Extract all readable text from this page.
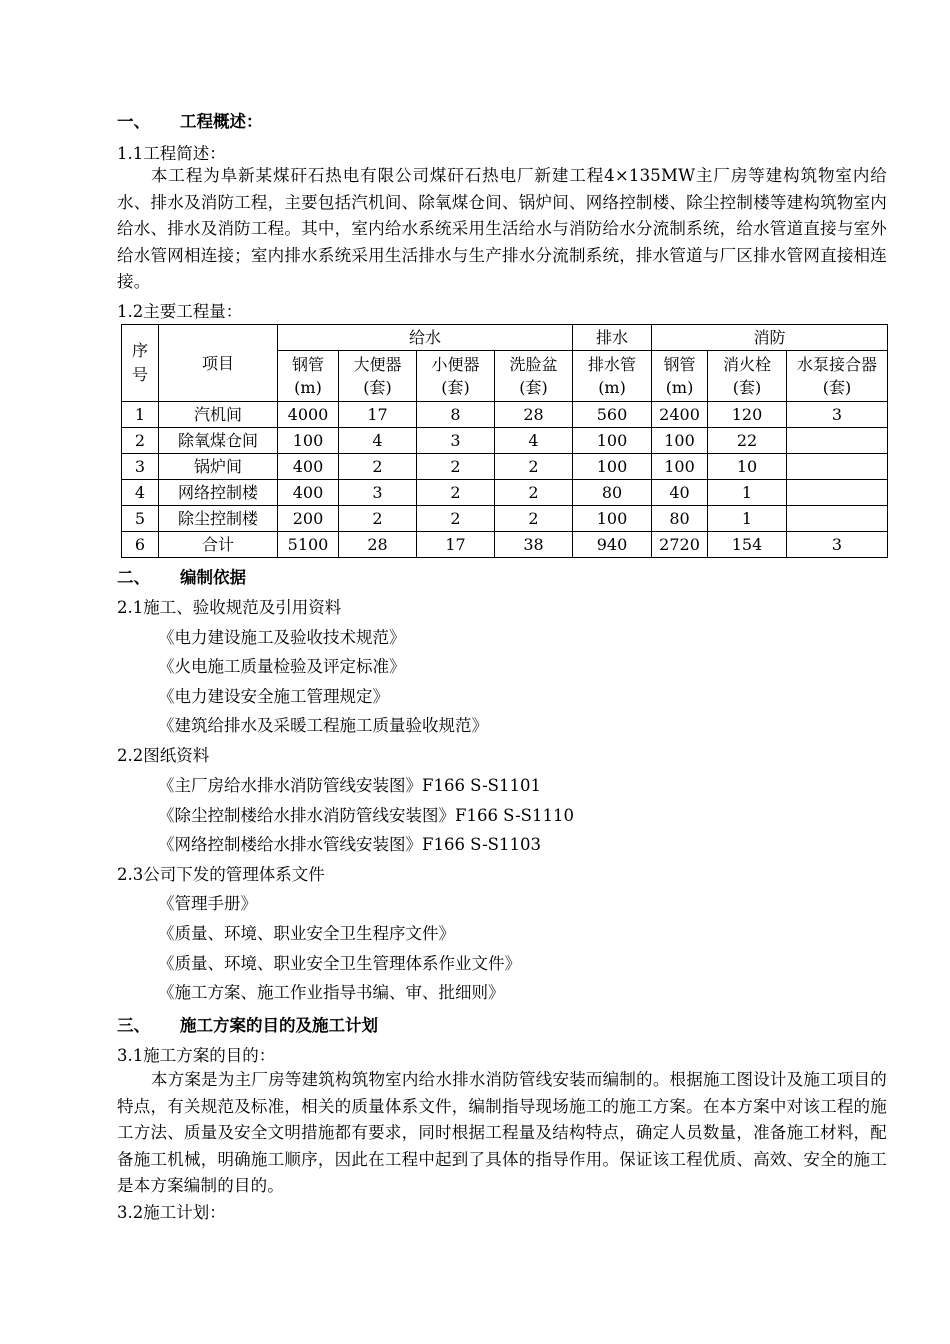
一、 工程概述：
1.1工程简述：
本工程为阜新某煤矸石热电有限公司煤矸石热电厂新建工程4×135MW主厂房等建构筑物室内给水、排水及消防工程，主要包括汽机间、除氧煤仓间、锅炉间、网络控制楼、除尘控制楼等建构筑物室内给水、排水及消防工程。其中，室内给水系统采用生活给水与消防给水分流制系统，给水管道直接与室外给水管网相连接；室内排水系统采用生活排水与生产排水分流制系统，排水管道与厂区排水管网直接相连接。
1.2主要工程量：
序号	项目	给水				排水	消防		
		钢管(m)	大便器(套)	小便器(套)	洗脸盆(套)	排水管(m)	钢管(m)	消火栓(套)	水泵接合器(套)
1	汽机间	4000	17	8	28	560	2400	120	3
2	除氧煤仓间	100	4	3	4	100	100	22	
3	锅炉间	400	2	2	2	100	100	10	
4	网络控制楼	400	3	2	2	80	40	1	
5	除尘控制楼	200	2	2	2	100	80	1	
6	合计	5100	28	17	38	940	2720	154	3
二、 编制依据
2.1施工、验收规范及引用资料
《电力建设施工及验收技术规范》
《火电施工质量检验及评定标准》
《电力建设安全施工管理规定》
《建筑给排水及采暖工程施工质量验收规范》
2.2图纸资料
《主厂房给水排水消防管线安装图》F166 S-S1101
《除尘控制楼给水排水消防管线安装图》F166 S-S1110
《网络控制楼给水排水管线安装图》F166 S-S1103
2.3公司下发的管理体系文件
《管理手册》
《质量、环境、职业安全卫生程序文件》
《质量、环境、职业安全卫生管理体系作业文件》
《施工方案、施工作业指导书编、审、批细则》
三、 施工方案的目的及施工计划
3.1施工方案的目的：
本方案是为主厂房等建筑构筑物室内给水排水消防管线安装而编制的。根据施工图设计及施工项目的特点，有关规范及标准，相关的质量体系文件，编制指导现场施工的施工方案。在本方案中对该工程的施工方法、质量及安全文明措施都有要求，同时根据工程量及结构特点，确定人员数量，准备施工材料，配备施工机械，明确施工顺序，因此在工程中起到了具体的指导作用。保证该工程优质、高效、安全的施工是本方案编制的目的。
3.2施工计划：
